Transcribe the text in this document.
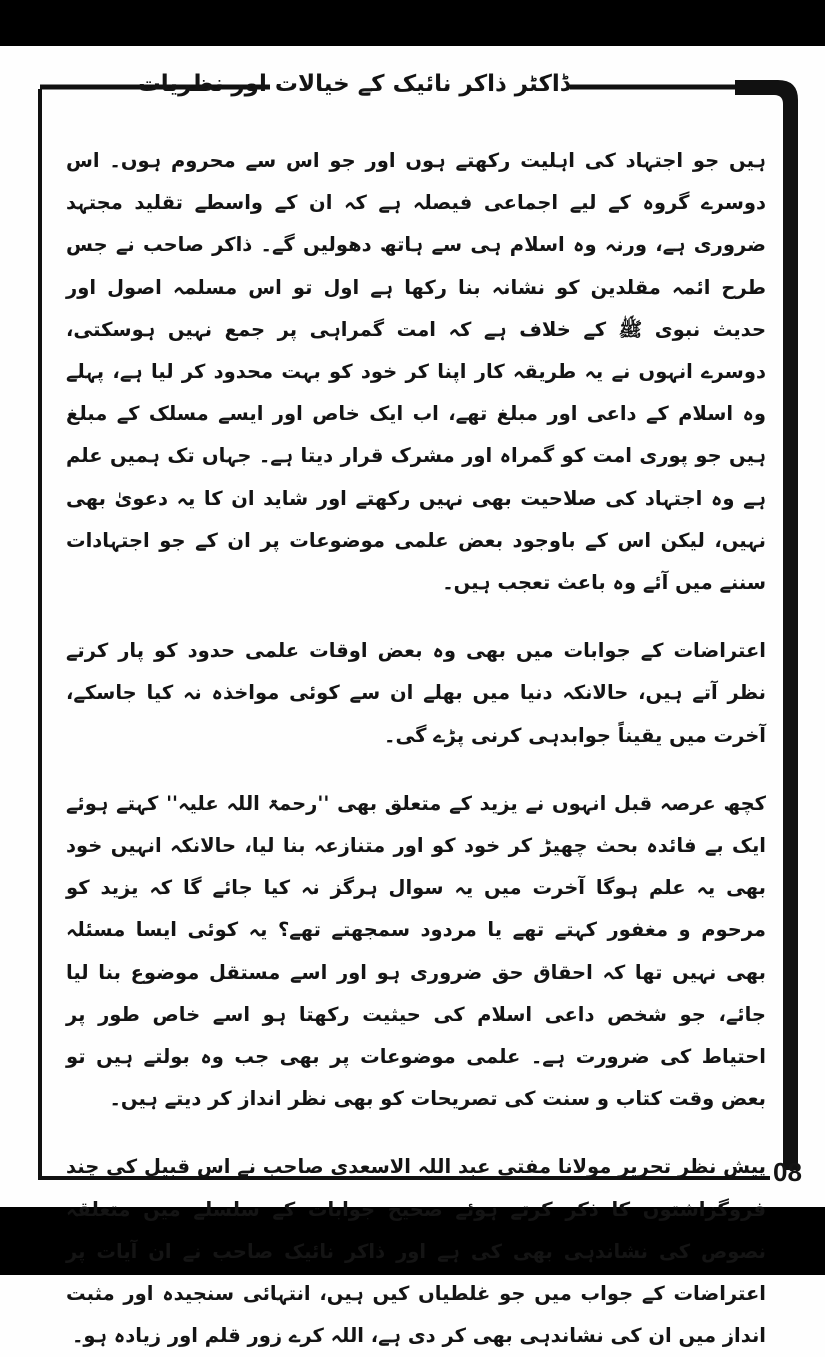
ڈاکٹر ذاکر نائیک کے خیالات اور نظریات

ہیں جو اجتہاد کی اہلیت رکھتے ہوں اور جو اس سے محروم ہوں۔ اس دوسرے گروہ کے لیے اجماعی فیصلہ ہے کہ ان کے واسطے تقلید مجتہد ضروری ہے، ورنہ وہ اسلام ہی سے ہاتھ دھولیں گے۔ ذاکر صاحب نے جس طرح ائمہ مقلدین کو نشانہ بنا رکھا ہے اول تو اس مسلمہ اصول اور حدیث نبوی ﷺ کے خلاف ہے کہ امت گمراہی پر جمع نہیں ہوسکتی، دوسرے انہوں نے یہ طریقہ کار اپنا کر خود کو بہت محدود کر لیا ہے، پہلے وہ اسلام کے داعی اور مبلغ تھے، اب ایک خاص اور ایسے مسلک کے مبلغ ہیں جو پوری امت کو گمراہ اور مشرک قرار دیتا ہے۔ جہاں تک ہمیں علم ہے وہ اجتہاد کی صلاحیت بھی نہیں رکھتے اور شاید ان کا یہ دعویٰ بھی نہیں، لیکن اس کے باوجود بعض علمی موضوعات پر ان کے جو اجتہادات سننے میں آئے وہ باعث تعجب ہیں۔

اعتراضات کے جوابات میں بھی وہ بعض اوقات علمی حدود کو پار کرتے نظر آتے ہیں، حالانکہ دنیا میں بھلے ان سے کوئی مواخذہ نہ کیا جاسکے، آخرت میں یقیناً جوابدہی کرنی پڑے گی۔

کچھ عرصہ قبل انہوں نے یزید کے متعلق بھی ''رحمۃ اللہ علیہ'' کہتے ہوئے ایک بے فائدہ بحث چھیڑ کر خود کو اور متنازعہ بنا لیا، حالانکہ انہیں خود بھی یہ علم ہوگا آخرت میں یہ سوال ہرگز نہ کیا جائے گا کہ یزید کو مرحوم و مغفور کہتے تھے یا مردود سمجھتے تھے؟ یہ کوئی ایسا مسئلہ بھی نہیں تھا کہ احقاق حق ضروری ہو اور اسے مستقل موضوع بنا لیا جائے، جو شخص داعی اسلام کی حیثیت رکھتا ہو اسے خاص طور پر احتیاط کی ضرورت ہے۔ علمی موضوعات پر بھی جب وہ بولتے ہیں تو بعض وقت کتاب و سنت کی تصریحات کو بھی نظر انداز کر دیتے ہیں۔

پیش نظر تحریر مولانا مفتی عبد اللہ الاسعدی صاحب نے اس قبیل کی چند فروگزاشتوں کا ذکر کرتے ہوئے صحیح جوابات کے سلسلے میں متعلقہ نصوص کی نشاندہی بھی کی ہے اور ذاکر نائیک صاحب نے ان آیات پر اعتراضات کے جواب میں جو غلطیاں کیں ہیں، انتہائی سنجیدہ اور مثبت انداز میں ان کی نشاندہی بھی کر دی ہے، اللہ کرے زور قلم اور زیادہ ہو۔

08
